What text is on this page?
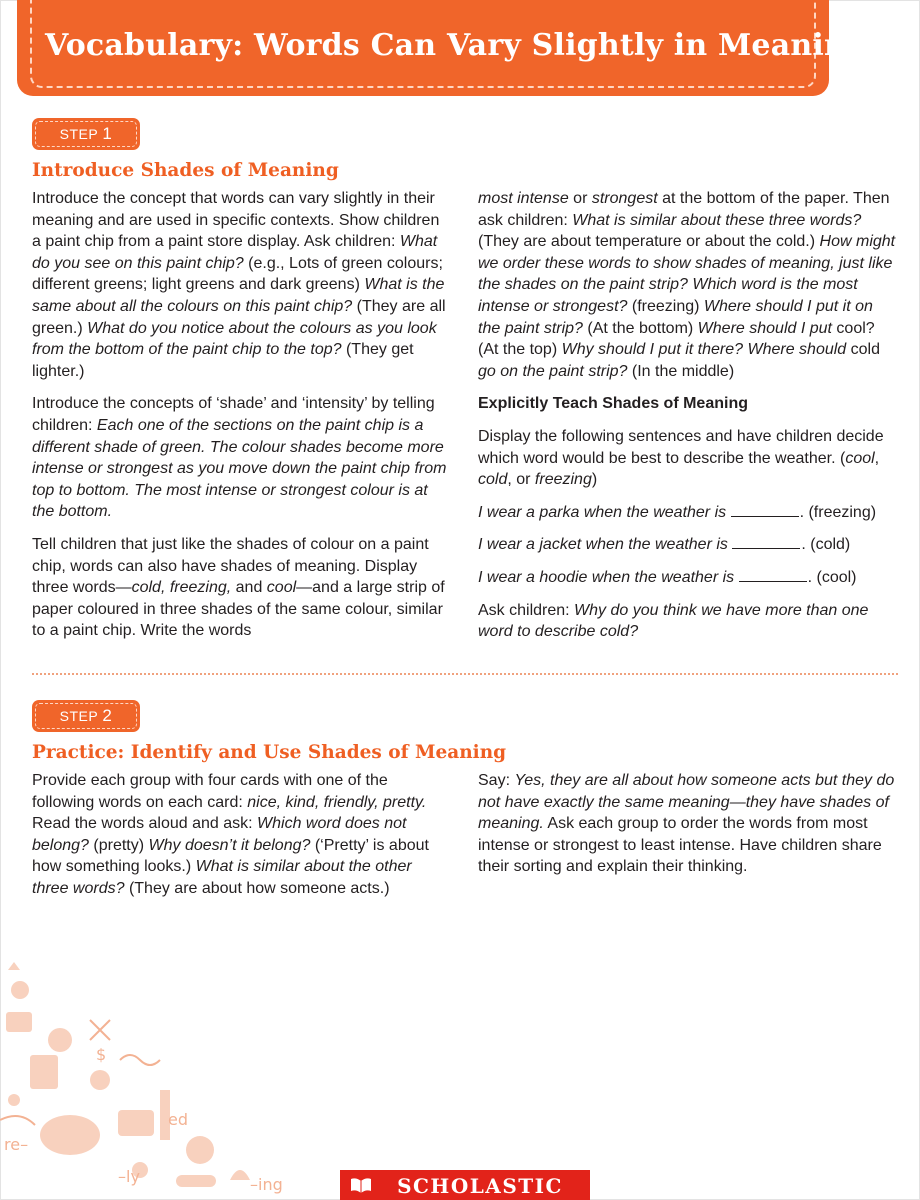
Vocabulary: Words Can Vary Slightly in Meaning
STEP 1
Introduce Shades of Meaning

Introduce the concept that words can vary slightly in their meaning and are used in specific contexts. Show children a paint chip from a paint store display. Ask children: What do you see on this paint chip? (e.g., Lots of green colours; different greens; light greens and dark greens) What is the same about all the colours on this paint chip? (They are all green.) What do you notice about the colours as you look from the bottom of the paint chip to the top? (They get lighter.)

Introduce the concepts of ‘shade’ and ‘intensity’ by telling children: Each one of the sections on the paint chip is a different shade of green. The colour shades become more intense or strongest as you move down the paint chip from top to bottom. The most intense or strongest colour is at the bottom.

Tell children that just like the shades of colour on a paint chip, words can also have shades of meaning. Display three words—cold, freezing, and cool—and a large strip of paper coloured in three shades of the same colour, similar to a paint chip. Write the words

most intense or strongest at the bottom of the paper. Then ask children: What is similar about these three words? (They are about temperature or about the cold.) How might we order these words to show shades of meaning, just like the shades on the paint strip? Which word is the most intense or strongest? (freezing) Where should I put it on the paint strip? (At the bottom) Where should I put cool? (At the top) Why should I put it there? Where should cold go on the paint strip? (In the middle)

Explicitly Teach Shades of Meaning

Display the following sentences and have children decide which word would be best to describe the weather. (cool, cold, or freezing)

I wear a parka when the weather is	. (freezing)

I wear a jacket when the weather is	. (cold)

I wear a hoodie when the weather is	. (cool)

Ask children: Why do you think we have more than one word to describe cold?

STEP 2
Practice: Identify and Use Shades of Meaning

Provide each group with four cards with one of the following words on each card: nice, kind, friendly, pretty. Read the words aloud and ask: Which word does not belong? (pretty) Why doesn’t it belong? (‘Pretty’ is about how something looks.) What is similar about the other three words? (They are about how someone acts.)

Say: Yes, they are all about how someone acts but they do not have exactly the same meaning—they have shades of meaning. Ask each group to order the words from most intense or strongest to least intense. Have children share their sorting and explain their thinking.

re–
$
ed
–ly	–ing	SCHOLASTIC
